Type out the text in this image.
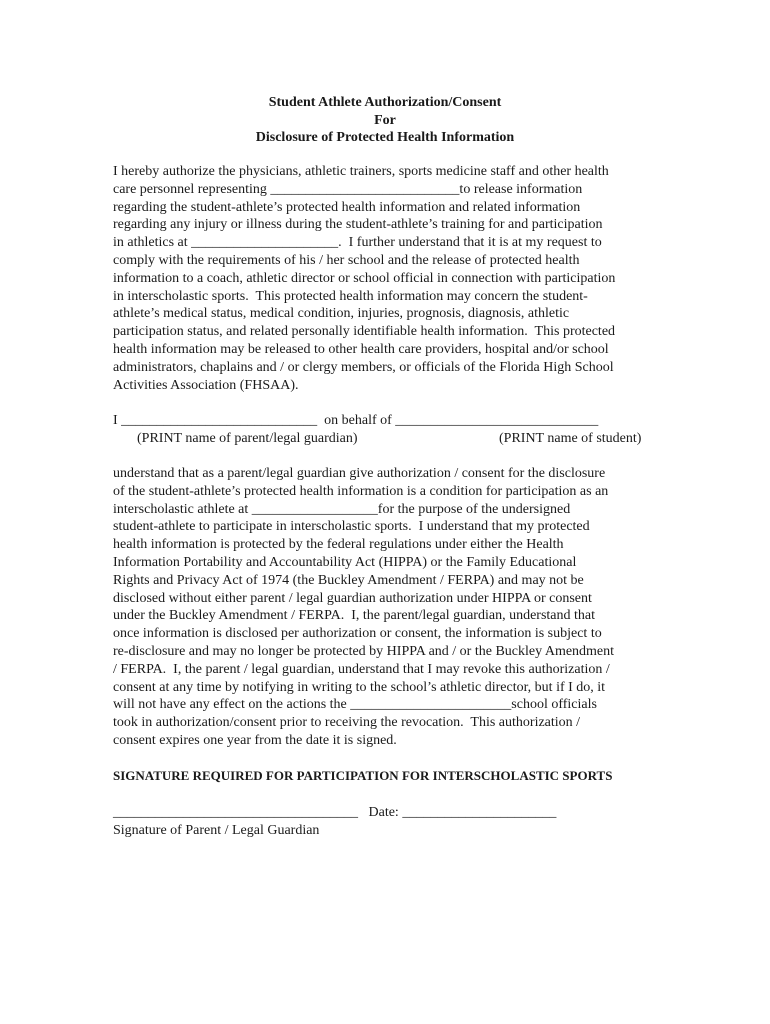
Student Athlete Authorization/Consent
For
Disclosure of Protected Health Information
I hereby authorize the physicians, athletic trainers, sports medicine staff and other health
care personnel representing ___________________________to release information
regarding the student-athlete’s protected health information and related information
regarding any injury or illness during the student-athlete’s training for and participation
in athletics at _____________________.  I further understand that it is at my request to
comply with the requirements of his / her school and the release of protected health
information to a coach, athletic director or school official in connection with participation
in interscholastic sports.  This protected health information may concern the student-
athlete’s medical status, medical condition, injuries, prognosis, diagnosis, athletic
participation status, and related personally identifiable health information.  This protected
health information may be released to other health care providers, hospital and/or school
administrators, chaplains and / or clergy members, or officials of the Florida High School
Activities Association (FHSAA).
I ____________________________  on behalf of _____________________________
(PRINT name of parent/legal guardian)	(PRINT name of student)
understand that as a parent/legal guardian give authorization / consent for the disclosure
of the student-athlete’s protected health information is a condition for participation as an
interscholastic athlete at __________________for the purpose of the undersigned
student-athlete to participate in interscholastic sports.  I understand that my protected
health information is protected by the federal regulations under either the Health
Information Portability and Accountability Act (HIPPA) or the Family Educational
Rights and Privacy Act of 1974 (the Buckley Amendment / FERPA) and may not be
disclosed without either parent / legal guardian authorization under HIPPA or consent
under the Buckley Amendment / FERPA.  I, the parent/legal guardian, understand that
once information is disclosed per authorization or consent, the information is subject to
re-disclosure and may no longer be protected by HIPPA and / or the Buckley Amendment
/ FERPA.  I, the parent / legal guardian, understand that I may revoke this authorization /
consent at any time by notifying in writing to the school’s athletic director, but if I do, it
will not have any effect on the actions the _______________________school officials
took in authorization/consent prior to receiving the revocation.  This authorization /
consent expires one year from the date it is signed.
SIGNATURE REQUIRED FOR PARTICIPATION FOR INTERSCHOLASTIC SPORTS
___________________________________   Date: ______________________
Signature of Parent / Legal Guardian
